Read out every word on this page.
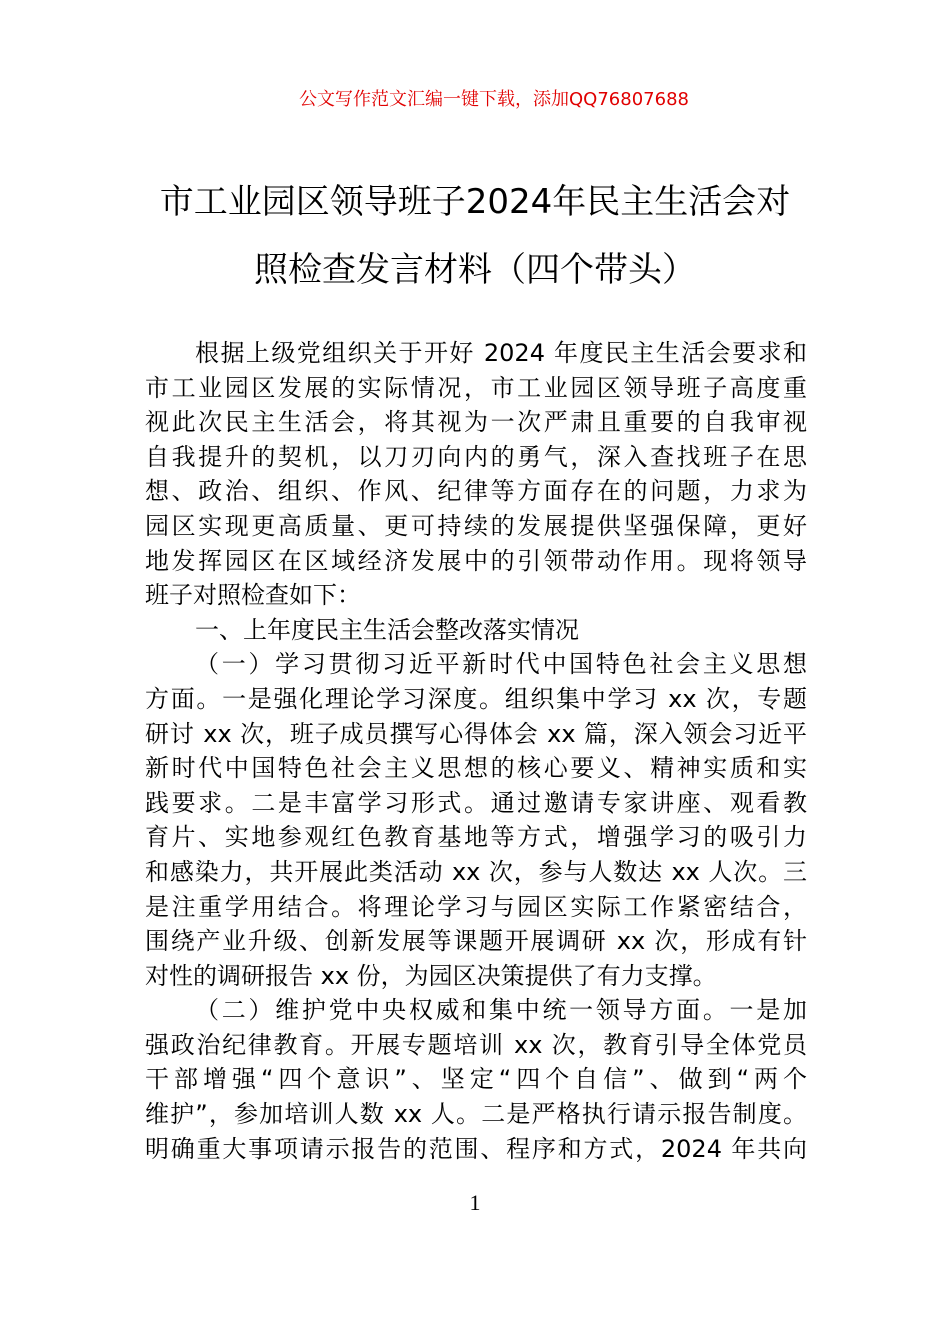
公文写作范文汇编一键下载，添加QQ76807688
市工业园区领导班子2024年民主生活会对
照检查发言材料（四个带头）
根据上级党组织关于开好 2024 年度民主生活会要求和
市工业园区发展的实际情况，市工业园区领导班子高度重
视此次民主生活会，将其视为一次严肃且重要的自我审视
自我提升的契机，以刀刃向内的勇气，深入查找班子在思
想、政治、组织、作风、纪律等方面存在的问题，力求为
园区实现更高质量、更可持续的发展提供坚强保障，更好
地发挥园区在区域经济发展中的引领带动作用。现将领导
班子对照检查如下：
一、上年度民主生活会整改落实情况
（一）学习贯彻习近平新时代中国特色社会主义思想
方面。一是强化理论学习深度。组织集中学习 xx 次，专题
研讨 xx 次，班子成员撰写心得体会 xx 篇，深入领会习近平
新时代中国特色社会主义思想的核心要义、精神实质和实
践要求。二是丰富学习形式。通过邀请专家讲座、观看教
育片、实地参观红色教育基地等方式，增强学习的吸引力
和感染力，共开展此类活动 xx 次，参与人数达 xx 人次。三
是注重学用结合。将理论学习与园区实际工作紧密结合，
围绕产业升级、创新发展等课题开展调研 xx 次，形成有针
对性的调研报告 xx 份，为园区决策提供了有力支撑。
（二）维护党中央权威和集中统一领导方面。一是加
强政治纪律教育。开展专题培训 xx 次，教育引导全体党员
干部增强“四个意识”、坚定“四个自信”、做到“两个
维护”，参加培训人数 xx 人。二是严格执行请示报告制度。
明确重大事项请示报告的范围、程序和方式，2024 年共向
1
